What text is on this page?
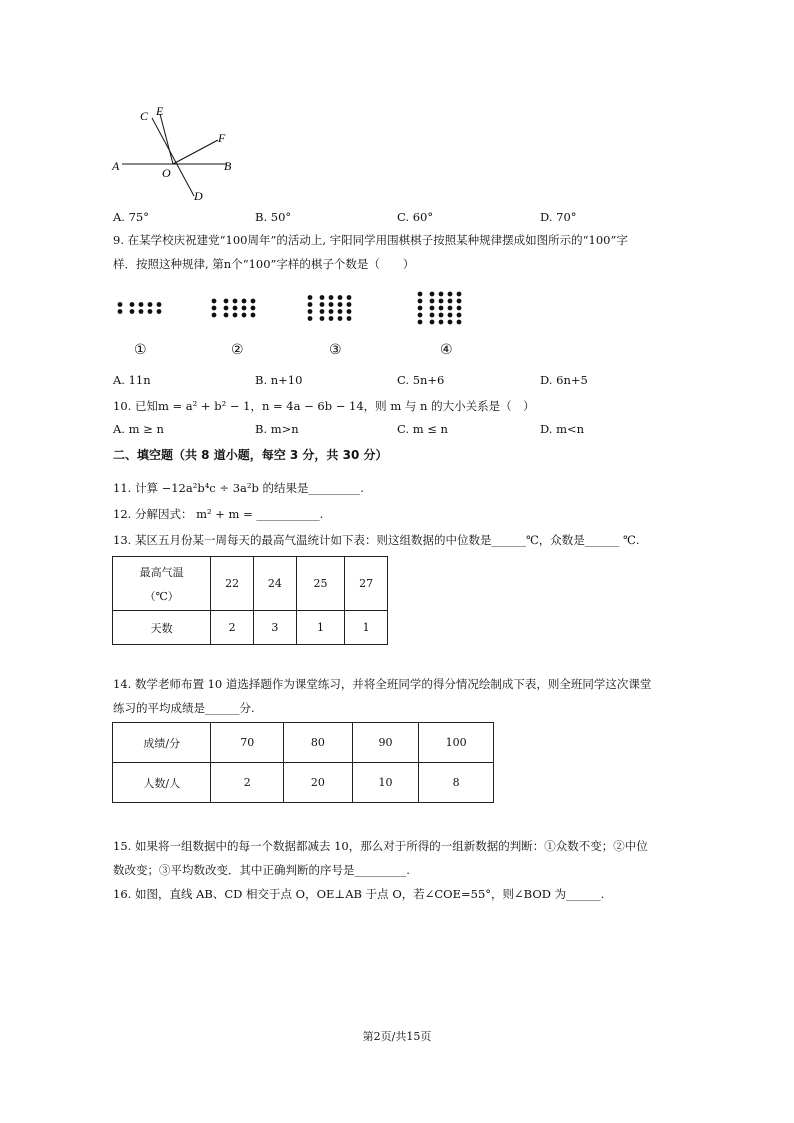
C E
F
A	B
O
D
A. 75°	B. 50°	C. 60°	D. 70°
9. 在某学校庆祝建党“100周年”的活动上, 宇阳同学用围棋棋子按照某种规律摆成如图所示的“100”字
样．按照这种规律, 第n个“100”字样的棋子个数是（　　）
①	②	③	④
A. 11n	B. n+10	C. 5n+6	D. 6n+5
10. 已知m = a² + b² − 1，n = 4a − 6b − 14，则 m 与 n 的大小关系是（　）
A. m ≥ n	B. m>n	C. m ≤ n	D. m<n
二、填空题（共 8 道小题，每空 3 分，共 30 分）
11. 计算 −12a²b⁴c ÷ 3a²b 的结果是_________.
12. 分解因式： m² + m = ___________.
13. 某区五月份某一周每天的最高气温统计如下表：则这组数据的中位数是______℃，众数是______ ℃.
最高气温
（℃）	22	24	25	27
天数	2	3	1	1
14. 数学老师布置 10 道选择题作为课堂练习，并将全班同学的得分情况绘制成下表，则全班同学这次课堂
练习的平均成绩是______分.
成绩/分	70	80	90	100
人数/人	2	20	10	8
15. 如果将一组数据中的每一个数据都减去 10，那么对于所得的一组新数据的判断：①众数不变；②中位
数改变；③平均数改变．其中正确判断的序号是_________.
16. 如图，直线 AB、CD 相交于点 O，OE⊥AB 于点 O，若∠COE=55°，则∠BOD 为______.
第2页/共15页
